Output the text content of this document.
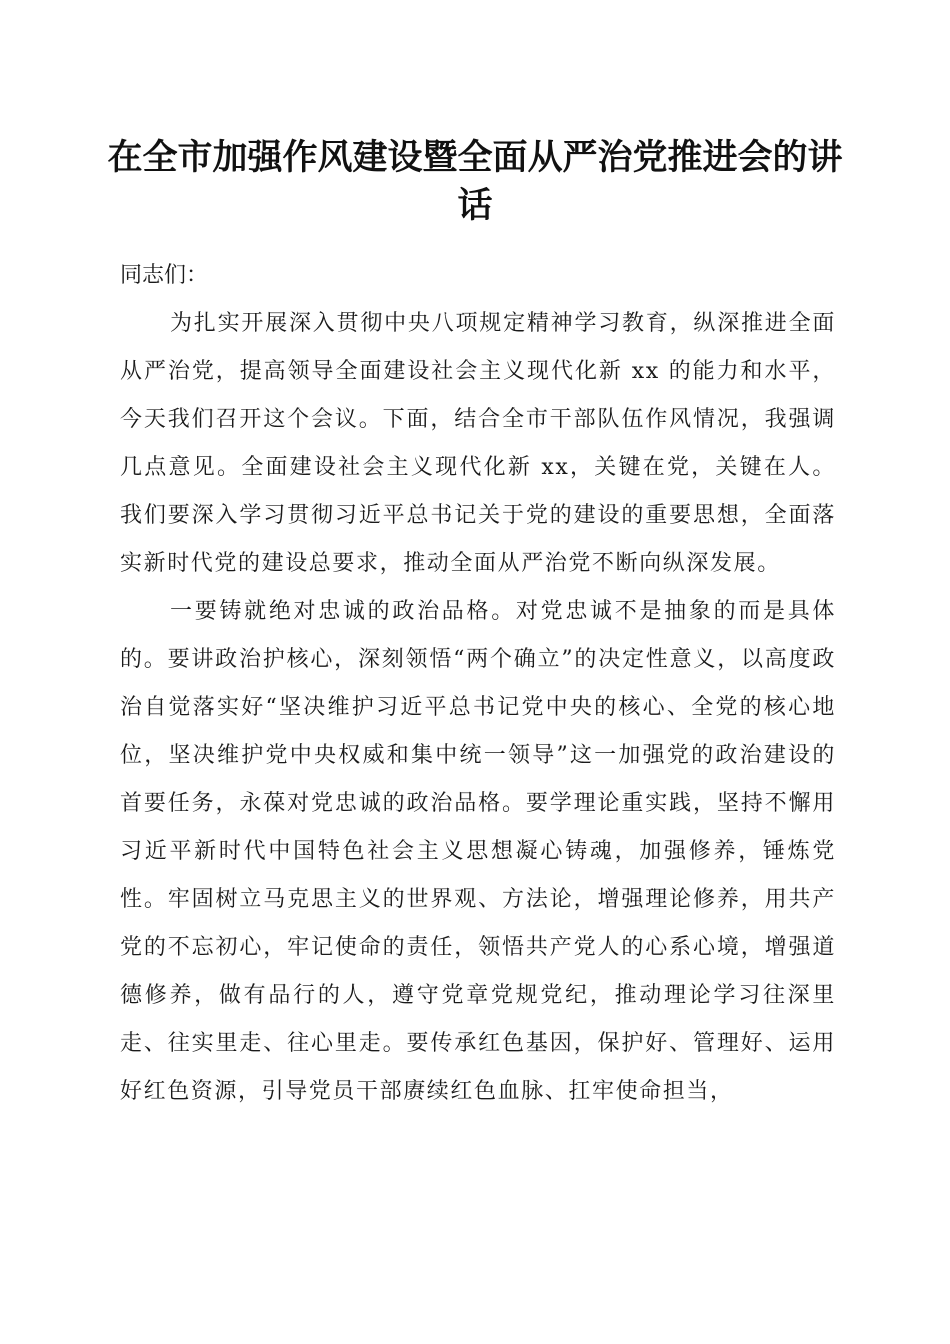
在全市加强作风建设暨全面从严治党推进会的讲话

同志们：

为扎实开展深入贯彻中央八项规定精神学习教育，纵深推进全面从严治党，提高领导全面建设社会主义现代化新 xx 的能力和水平，今天我们召开这个会议。下面，结合全市干部队伍作风情况，我强调几点意见。全面建设社会主义现代化新 xx，关键在党，关键在人。我们要深入学习贯彻习近平总书记关于党的建设的重要思想，全面落实新时代党的建设总要求，推动全面从严治党不断向纵深发展。

一要铸就绝对忠诚的政治品格。对党忠诚不是抽象的而是具体的。要讲政治护核心，深刻领悟“两个确立”的决定性意义，以高度政治自觉落实好“坚决维护习近平总书记党中央的核心、全党的核心地位，坚决维护党中央权威和集中统一领导”这一加强党的政治建设的首要任务，永葆对党忠诚的政治品格。要学理论重实践，坚持不懈用习近平新时代中国特色社会主义思想凝心铸魂，加强修养，锤炼党性。牢固树立马克思主义的世界观、方法论，增强理论修养，用共产党的不忘初心，牢记使命的责任，领悟共产党人的心系心境，增强道德修养，做有品行的人，遵守党章党规党纪，推动理论学习往深里走、往实里走、往心里走。要传承红色基因，保护好、管理好、运用好红色资源，引导党员干部赓续红色血脉、扛牢使命担当，
